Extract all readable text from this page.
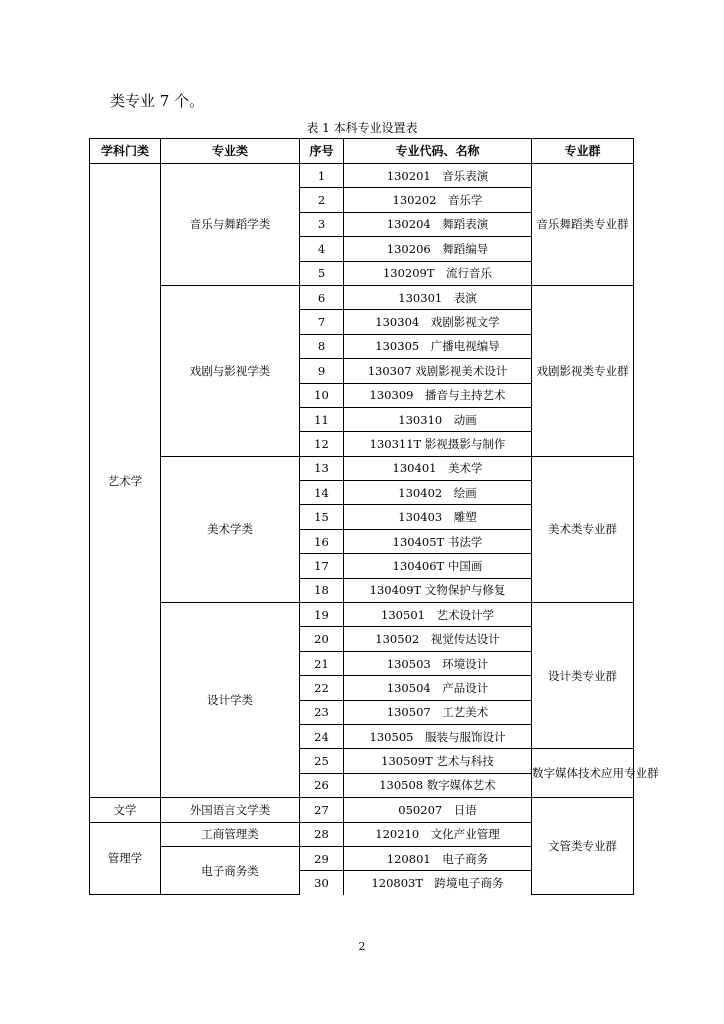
类专业 7 个。
表 1 本科专业设置表
学科门类	专业类	序号	专业代码、名称	专业群
艺术学	音乐与舞蹈学类	1	130201　音乐表演	音乐舞蹈类专业群
		2	130202　音乐学	
		3	130204　舞蹈表演	
		4	130206　舞蹈编导	
		5	130209T　流行音乐	
	戏剧与影视学类	6	130301　表演	戏剧影视类专业群
		7	130304　戏剧影视文学	
		8	130305　广播电视编导	
		9	130307 戏剧影视美术设计	
		10	130309　播音与主持艺术	
		11	130310　动画	
		12	130311T 影视摄影与制作	
	美术学类	13	130401　美术学	美术类专业群
		14	130402　绘画	
		15	130403　雕塑	
		16	130405T 书法学	
		17	130406T 中国画	
		18	130409T 文物保护与修复	
	设计学类	19	130501　艺术设计学	设计类专业群
		20	130502　视觉传达设计	
		21	130503　环境设计	
		22	130504　产品设计	
		23	130507　工艺美术	
		24	130505　服装与服饰设计	
		25	130509T 艺术与科技	数字媒体技术应用专业群
		26	130508 数字媒体艺术	
文学	外国语言文学类	27	050207　日语	文管类专业群
管理学	工商管理类	28	120210　文化产业管理	
	电子商务类	29	120801　电子商务	
		30	120803T　跨境电子商务	
2
